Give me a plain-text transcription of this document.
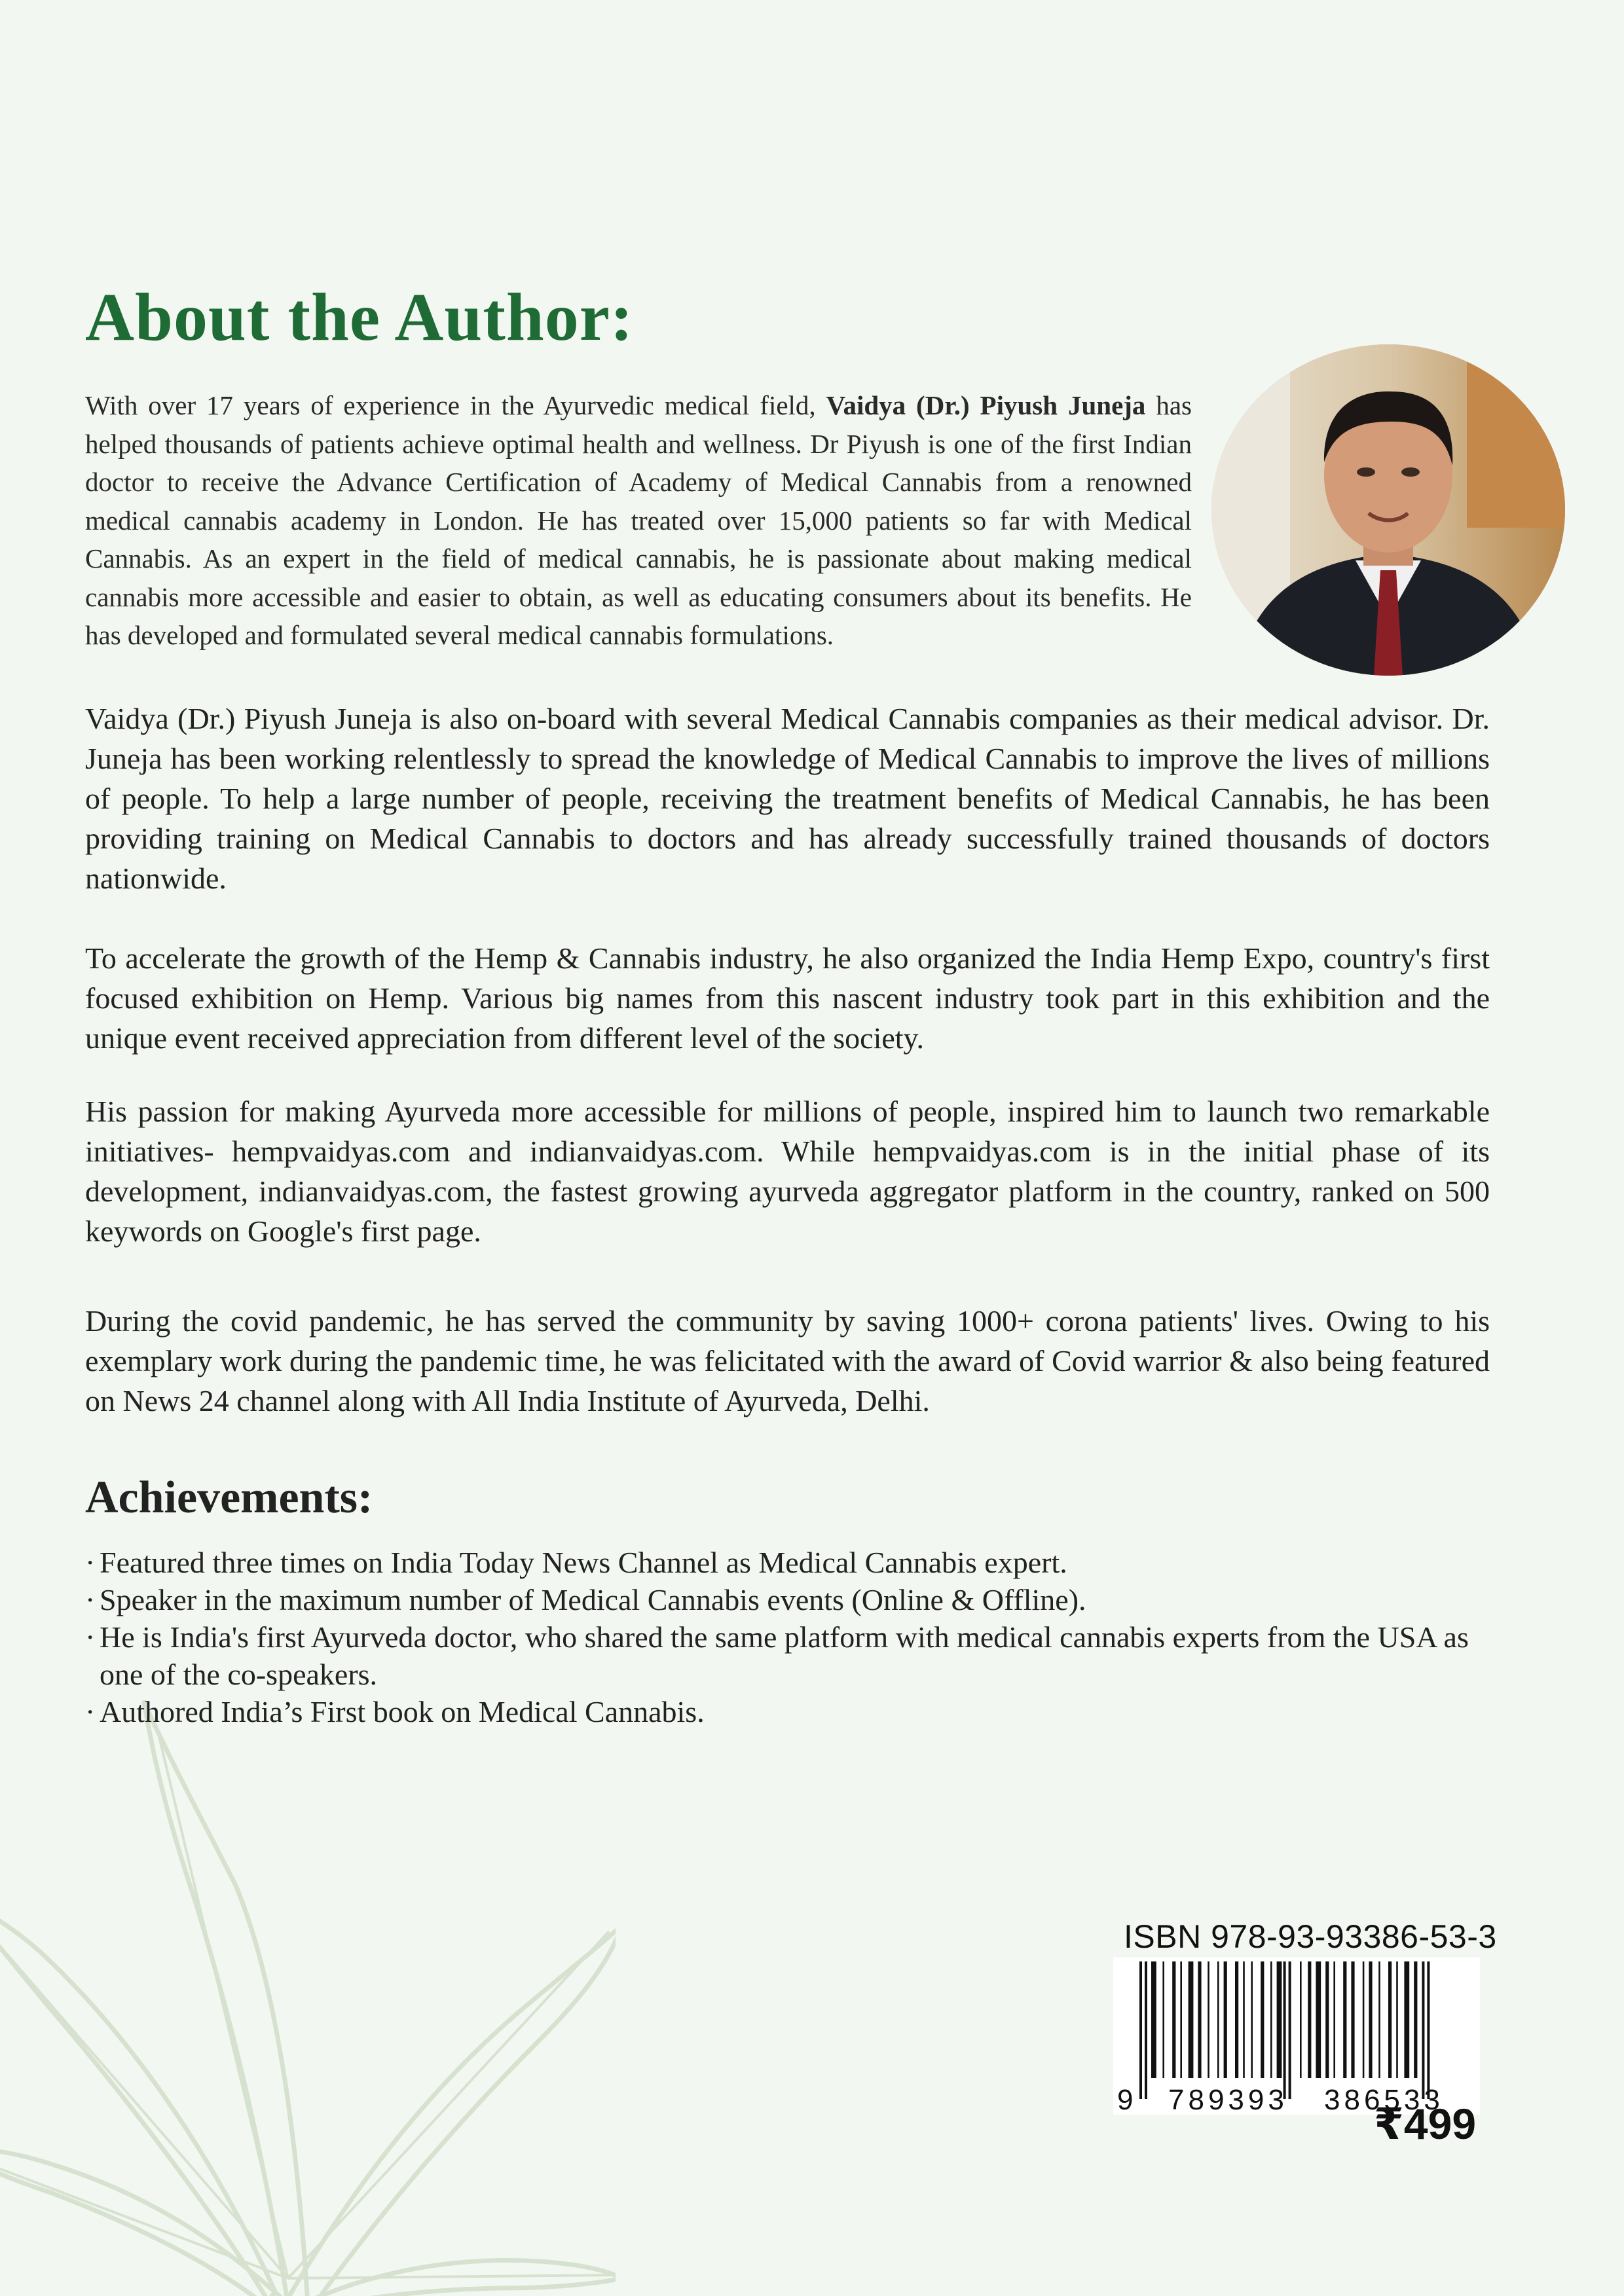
About the Author:

With over 17 years of experience in the Ayurvedic medical field, Vaidya (Dr.) Piyush Juneja has helped thousands of patients achieve optimal health and wellness. Dr Piyush is one of the first Indian doctor to receive the Advance Certification of Academy of Medical Cannabis from a renowned medical cannabis academy in London. He has treated over 15,000 patients so far with Medical Cannabis. As an expert in the field of medical cannabis, he is passionate about making medical cannabis more accessible and easier to obtain, as well as educating consumers about its benefits. He has developed and formulated several medical cannabis formulations.

Vaidya (Dr.) Piyush Juneja is also on-board with several Medical Cannabis companies as their medical advisor. Dr. Juneja has been working relentlessly to spread the knowledge of Medical Cannabis to improve the lives of millions of people. To help a large number of people, receiving the treatment benefits of Medical Cannabis, he has been providing training on Medical Cannabis to doctors and has already successfully trained thousands of doctors nationwide.

To accelerate the growth of the Hemp & Cannabis industry, he also organized the India Hemp Expo, country's first focused exhibition on Hemp. Various big names from this nascent industry took part in this exhibition and the unique event received appreciation from different level of the society.

His passion for making Ayurveda more accessible for millions of people, inspired him to launch two remarkable initiatives- hempvaidyas.com and indianvaidyas.com. While hempvaidyas.com is in the initial phase of its development, indianvaidyas.com, the fastest growing ayurveda aggregator platform in the country, ranked on 500 keywords on Google's first page.

During the covid pandemic, he has served the community by saving 1000+ corona patients' lives. Owing to his exemplary work during the pandemic time, he was felicitated with the award of Covid warrior & also being featured on News 24 channel along with All India Institute of Ayurveda, Delhi.

Achievements:
· Featured three times on India Today News Channel as Medical Cannabis expert.
· Speaker in the maximum number of Medical Cannabis events (Online & Offline).
· He is India's first Ayurveda doctor, who shared the same platform with medical cannabis experts from the USA as one of the co-speakers.
· Authored India’s First book on Medical Cannabis.
ISBN 978-93-93386-53-3
9 789393 386533
₹499
